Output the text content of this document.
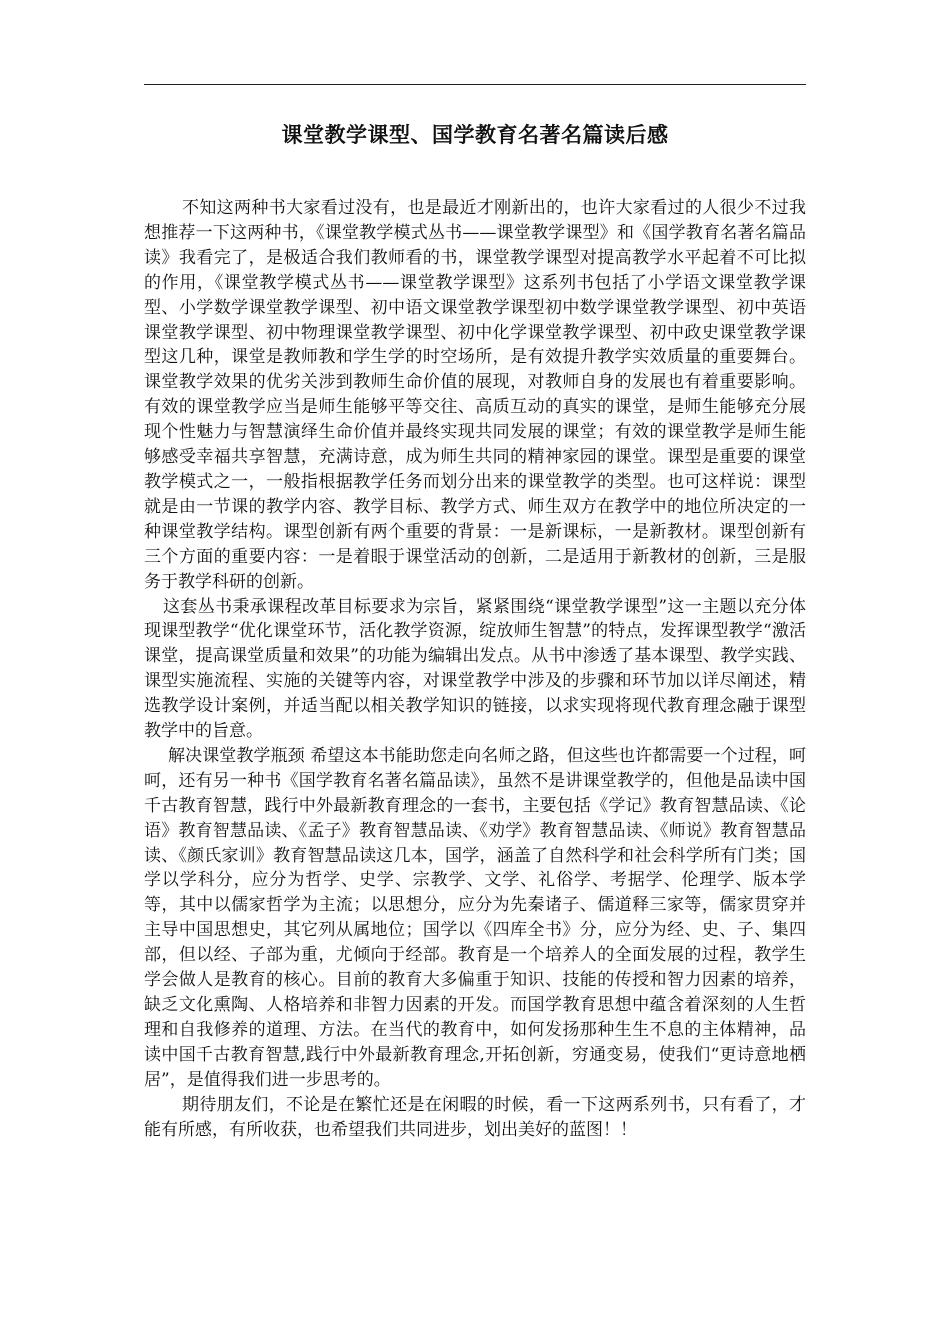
课堂教学课型、国学教育名著名篇读后感

不知这两种书大家看过没有，也是最近才刚新出的，也许大家看过的人很少不过我想推荐一下这两种书，《课堂教学模式丛书——课堂教学课型》和《国学教育名著名篇品读》我看完了，是极适合我们教师看的书，课堂教学课型对提高教学水平起着不可比拟的作用，《课堂教学模式丛书——课堂教学课型》这系列书包括了小学语文课堂教学课型、小学数学课堂教学课型、初中语文课堂教学课型初中数学课堂教学课型、初中英语课堂教学课型、初中物理课堂教学课型、初中化学课堂教学课型、初中政史课堂教学课型这几种，课堂是教师教和学生学的时空场所，是有效提升教学实效质量的重要舞台。课堂教学效果的优劣关涉到教师生命价值的展现，对教师自身的发展也有着重要影响。有效的课堂教学应当是师生能够平等交往、高质互动的真实的课堂，是师生能够充分展现个性魅力与智慧演绎生命价值并最终实现共同发展的课堂；有效的课堂教学是师生能够感受幸福共享智慧，充满诗意，成为师生共同的精神家园的课堂。课型是重要的课堂教学模式之一，一般指根据教学任务而划分出来的课堂教学的类型。也可这样说：课型就是由一节课的教学内容、教学目标、教学方式、师生双方在教学中的地位所决定的一种课堂教学结构。课型创新有两个重要的背景：一是新课标，一是新教材。课型创新有三个方面的重要内容：一是着眼于课堂活动的创新，二是适用于新教材的创新，三是服务于教学科研的创新。

这套丛书秉承课程改革目标要求为宗旨，紧紧围绕“课堂教学课型”这一主题以充分体现课型教学“优化课堂环节，活化教学资源，绽放师生智慧”的特点，发挥课型教学“激活课堂，提高课堂质量和效果”的功能为编辑出发点。从书中渗透了基本课型、教学实践、课型实施流程、实施的关键等内容，对课堂教学中涉及的步骤和环节加以详尽阐述，精选教学设计案例，并适当配以相关教学知识的链接，以求实现将现代教育理念融于课型教学中的旨意。

解决课堂教学瓶颈 希望这本书能助您走向名师之路，但这些也许都需要一个过程，呵呵，还有另一种书《国学教育名著名篇品读》，虽然不是讲课堂教学的，但他是品读中国千古教育智慧，践行中外最新教育理念的一套书，主要包括《学记》教育智慧品读、《论语》教育智慧品读、《孟子》教育智慧品读、《劝学》教育智慧品读、《师说》教育智慧品读、《颜氏家训》教育智慧品读这几本，国学，涵盖了自然科学和社会科学所有门类；国学以学科分，应分为哲学、史学、宗教学、文学、礼俗学、考据学、伦理学、版本学等，其中以儒家哲学为主流；以思想分，应分为先秦诸子、儒道释三家等，儒家贯穿并主导中国思想史，其它列从属地位；国学以《四库全书》分，应分为经、史、子、集四部，但以经、子部为重，尤倾向于经部。教育是一个培养人的全面发展的过程，教学生学会做人是教育的核心。目前的教育大多偏重于知识、技能的传授和智力因素的培养，缺乏文化熏陶、人格培养和非智力因素的开发。而国学教育思想中蕴含着深刻的人生哲理和自我修养的道理、方法。在当代的教育中，如何发扬那种生生不息的主体精神，品读中国千古教育智慧,践行中外最新教育理念,开拓创新，穷通变易，使我们“更诗意地栖居”，是值得我们进一步思考的。

期待朋友们，不论是在繁忙还是在闲暇的时候，看一下这两系列书，只有看了，才能有所感，有所收获，也希望我们共同进步，划出美好的蓝图！！
